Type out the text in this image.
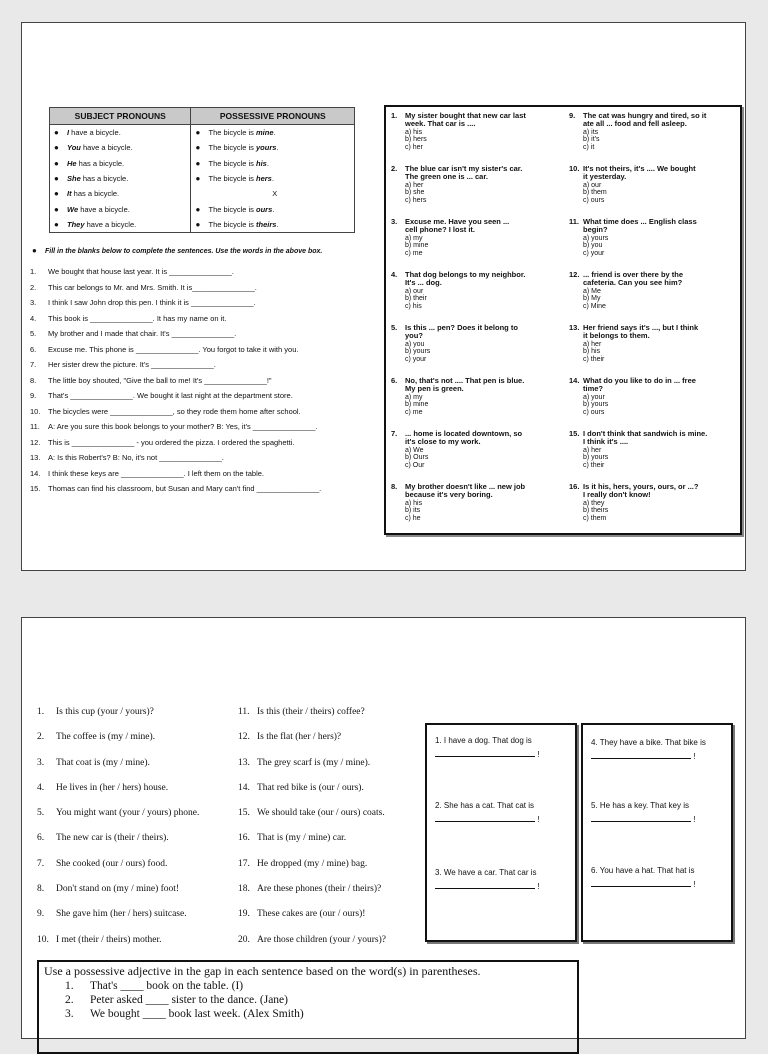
SUBJECT PRONOUNS	POSSESSIVE PRONOUNS
● I have a bicycle.	● The bicycle is mine.
● You have a bicycle.	● The bicycle is yours.
● He has a bicycle.	● The bicycle is his.
● She has a bicycle.	● The bicycle is hers.
● It has a bicycle.	X
● We have a bicycle.	● The bicycle is ours.
● They have a bicycle.	● The bicycle is theirs.
● Fill in the blanks below to complete the sentences. Use the words in the above box.
1. We bought that house last year. It is _______________.
2. This car belongs to Mr. and Mrs. Smith. It is_______________.
3. I think I saw John drop this pen. I think it is _______________.
4. This book is _______________. It has my name on it.
5. My brother and I made that chair. It's _______________.
6. Excuse me. This phone is _______________. You forgot to take it with you.
7. Her sister drew the picture. It's _______________.
8. The little boy shouted, "Give the ball to me! It's _______________!"
9. That's _______________. We bought it last night at the department store.
10. The bicycles were _______________, so they rode them home after school.
11. A: Are you sure this book belongs to your mother? B: Yes, it's _______________.
12. This is _______________ - you ordered the pizza. I ordered the spaghetti.
13. A: Is this Robert's? B: No, it's not _______________.
14. I think these keys are _______________. I left them on the table.
15. Thomas can find his classroom, but Susan and Mary can't find _______________.
1.	My sister bought that new car last
week. That car is ....
a) his
b) hers
c) her
2.	The blue car isn't my sister's car.
The green one is ... car.
a) her
b) she
c) hers
3.	Excuse me. Have you seen ...
cell phone? I lost it.
a) my
b) mine
c) me
4.	That dog belongs to my neighbor.
It's ... dog.
a) our
b) their
c) his
5.	Is this ... pen? Does it belong to
you?
a) you
b) yours
c) your
6.	No, that's not .... That pen is blue.
My pen is green.
a) my
b) mine
c) me
7.	... home is located downtown, so
it's close to my work.
a) We
b) Ours
c) Our
8.	My brother doesn't like ... new job
because it's very boring.
a) his
b) its
c) he
9.	The cat was hungry and tired, so it
ate all ... food and fell asleep.
a) its
b) it's
c) it
10. It's not theirs, it's .... We bought
it yesterday.
a) our
b) them
c) ours
11. What time does ... English class
begin?
a) yours
b) you
c) your
12. ... friend is over there by the
cafeteria. Can you see him?
a) Me
b) My
c) Mine
13. Her friend says it's ..., but I think
it belongs to them.
a) her
b) his
c) their
14. What do you like to do in ... free
time?
a) your
b) yours
c) ours
15. I don't think that sandwich is mine.
I think it's ....
a) her
b) yours
c) their
16. Is it his, hers, yours, ours, or ...?
I really don't know!
a) they
b) theirs
c) them
1. Is this cup (your / yours)?
2. The coffee is (my / mine).
3. That coat is (my / mine).
4. He lives in (her / hers) house.
5. You might want (your / yours) phone.
6. The new car is (their / theirs).
7. She cooked (our / ours) food.
8. Don't stand on (my / mine) foot!
9. She gave him (her / hers) suitcase.
10. I met (their / theirs) mother.
11. Is this (their / theirs) coffee?
12. Is the flat (her / hers)?
13. The grey scarf is (my / mine).
14. That red bike is (our / ours).
15. We should take (our / ours) coats.
16. That is (my / mine) car.
17. He dropped (my / mine) bag.
18. Are these phones (their / theirs)?
19. These cakes are (our / ours)!
20. Are those children (your / yours)?
1. I have a dog. That dog is
!
2. She has a cat. That cat is
!
3. We have a car. That car is
!
4. They have a bike. That bike is
!
5. He has a key. That key is
!
6. You have a hat. That hat is
!
Use a possessive adjective in the gap in each sentence based on the word(s) in parentheses.
1. That's ____ book on the table. (I)
2. Peter asked ____ sister to the dance. (Jane)
3. We bought ____ book last week. (Alex Smith)
